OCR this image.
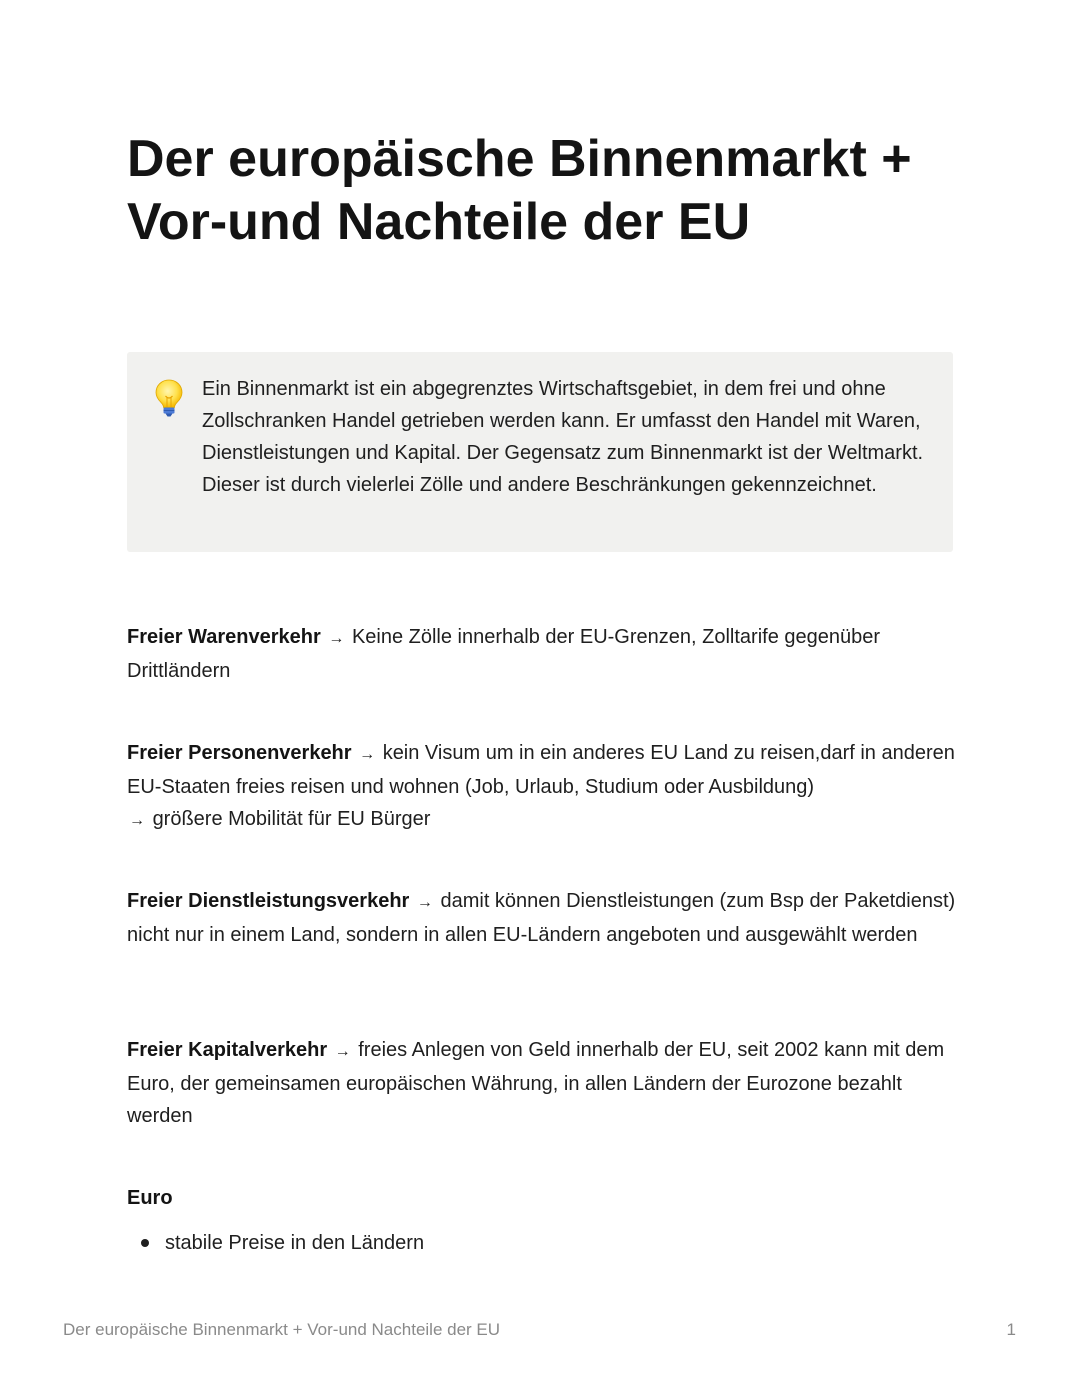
Der europäische Binnenmarkt +
Vor-und Nachteile der EU

Ein Binnenmarkt ist ein abgegrenztes Wirtschaftsgebiet, in dem frei und ohne Zollschranken Handel getrieben werden kann. Er umfasst den Handel mit Waren, Dienstleistungen und Kapital. Der Gegensatz zum Binnenmarkt ist der Weltmarkt. Dieser ist durch vielerlei Zölle und andere Beschränkungen gekennzeichnet.

Freier Warenverkehr → Keine Zölle innerhalb der EU-Grenzen, Zolltarife gegenüber Drittländern

Freier Personenverkehr → kein Visum um in ein anderes EU Land zu reisen,darf in anderen EU-Staaten freies reisen und wohnen (Job, Urlaub, Studium oder Ausbildung)
→ größere Mobilität für EU Bürger

Freier Dienstleistungsverkehr → damit können Dienstleistungen (zum Bsp der Paketdienst) nicht nur in einem Land, sondern in allen EU-Ländern angeboten und ausgewählt werden

Freier Kapitalverkehr → freies Anlegen von Geld innerhalb der EU, seit 2002 kann mit dem Euro, der gemeinsamen europäischen Währung, in allen Ländern der Eurozone bezahlt werden

Euro

stabile Preise in den Ländern
Der europäische Binnenmarkt + Vor-und Nachteile der EU	1
